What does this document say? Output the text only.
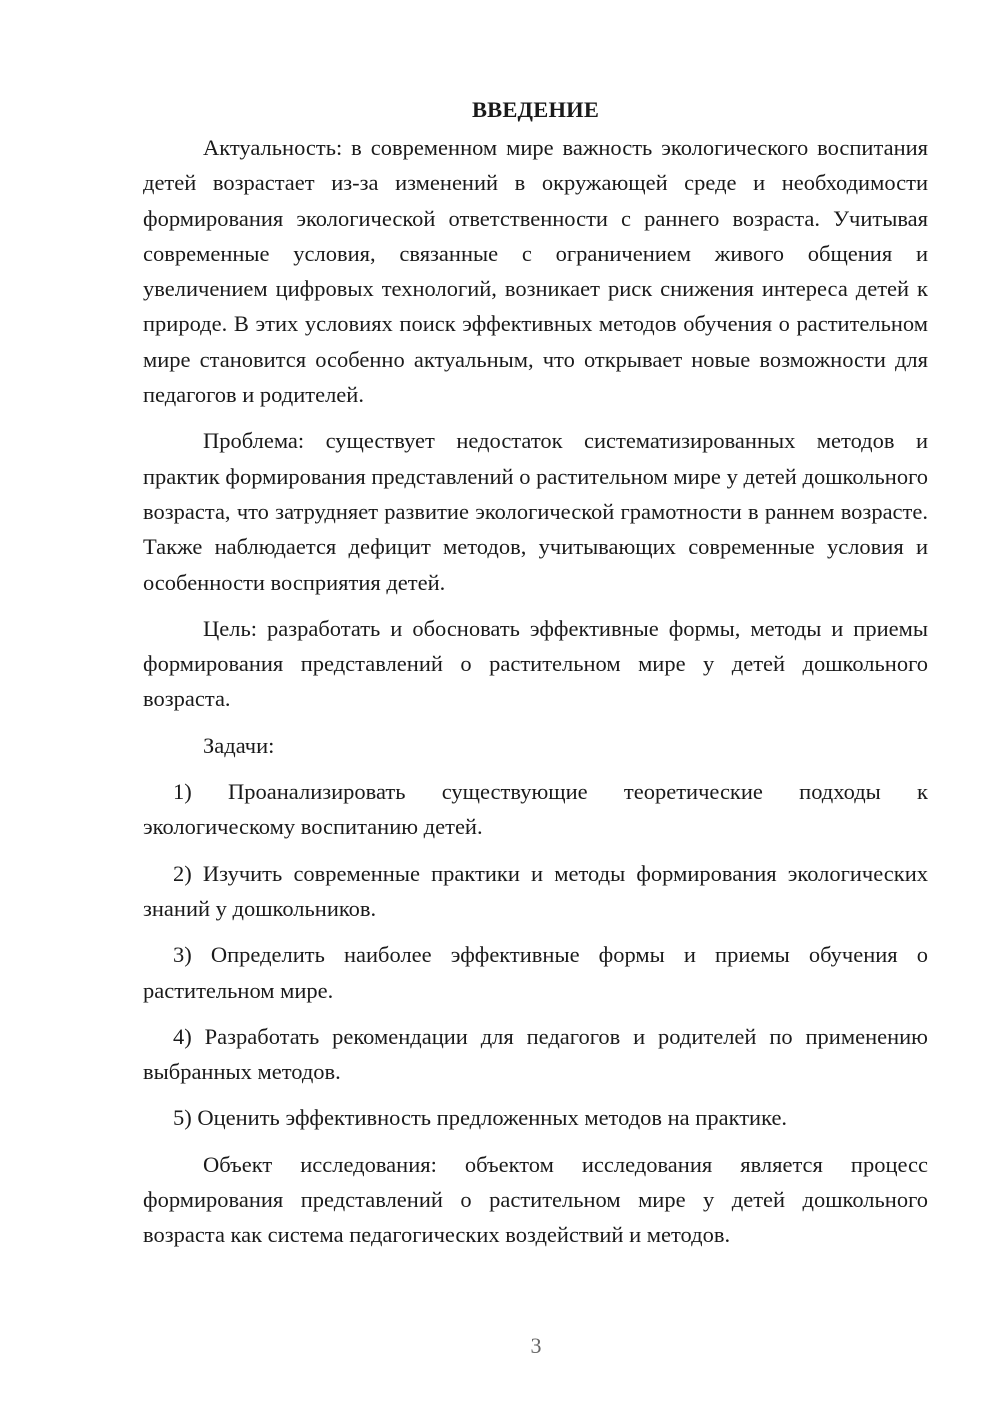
ВВЕДЕНИЕ

Актуальность: в современном мире важность экологического воспитания детей возрастает из-за изменений в окружающей среде и необходимости формирования экологической ответственности с раннего возраста. Учитывая современные условия, связанные с ограничением живого общения и увеличением цифровых технологий, возникает риск снижения интереса детей к природе. В этих условиях поиск эффективных методов обучения о растительном мире становится особенно актуальным, что открывает новые возможности для педагогов и родителей.

Проблема: существует недостаток систематизированных методов и практик формирования представлений о растительном мире у детей дошкольного возраста, что затрудняет развитие экологической грамотности в раннем возрасте. Также наблюдается дефицит методов, учитывающих современные условия и особенности восприятия детей.

Цель: разработать и обосновать эффективные формы, методы и приемы формирования представлений о растительном мире у детей дошкольного возраста.

Задачи:

1) Проанализировать существующие теоретические подходы к экологическому воспитанию детей.

2) Изучить современные практики и методы формирования экологических знаний у дошкольников.

3) Определить наиболее эффективные формы и приемы обучения о растительном мире.

4) Разработать рекомендации для педагогов и родителей по применению выбранных методов.

5) Оценить эффективность предложенных методов на практике.

Объект исследования: объектом исследования является процесс формирования представлений о растительном мире у детей дошкольного возраста как система педагогических воздействий и методов.

3
